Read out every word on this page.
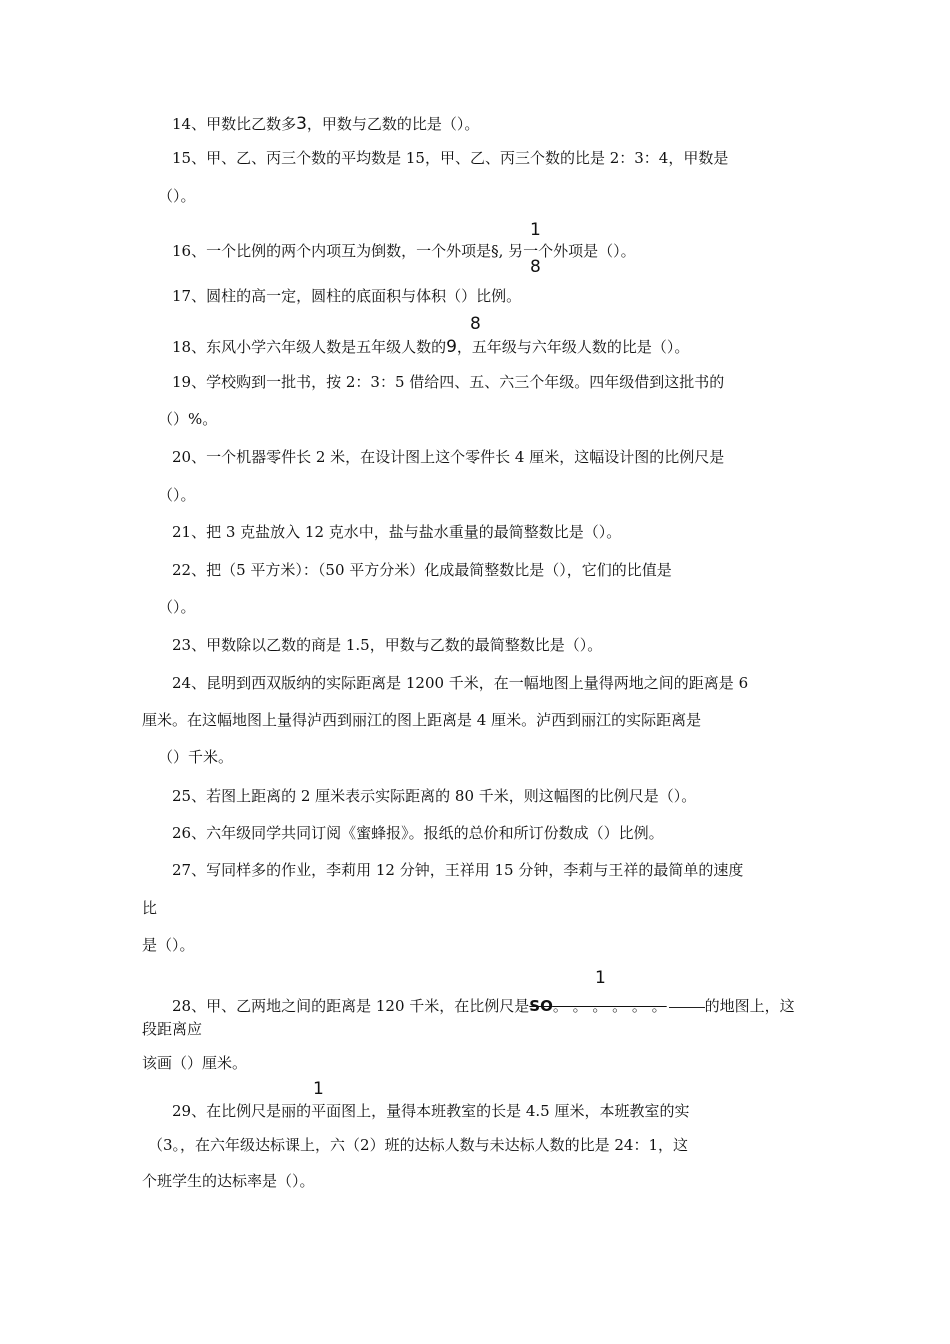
14、甲数比乙数多3，甲数与乙数的比是（）。
15、甲、乙、丙三个数的平均数是 15，甲、乙、丙三个数的比是 2：3：4，甲数是
（）。
1
16、一个比例的两个内项互为倒数，一个外项是§, 另一个外项是（）。
8
17、圆柱的高一定，圆柱的底面积与体积（）比例。
8
18、东风小学六年级人数是五年级人数的9，五年级与六年级人数的比是（）。
19、学校购到一批书，按 2：3：5 借给四、五、六三个年级。四年级借到这批书的
（）%。
20、一个机器零件长 2 米，在设计图上这个零件长 4 厘米，这幅设计图的比例尺是
（）。
21、把 3 克盐放入 12 克水中，盐与盐水重量的最简整数比是（）。
22、把（5 平方米）：（50 平方分米）化成最简整数比是（），它们的比值是
（）。
23、甲数除以乙数的商是 1.5，甲数与乙数的最简整数比是（）。
24、昆明到西双版纳的实际距离是 1200 千米，在一幅地图上量得两地之间的距离是 6
厘米。在这幅地图上量得泸西到丽江的图上距离是 4 厘米。泸西到丽江的实际距离是
（）千米。
25、若图上距离的 2 厘米表示实际距离的 80 千米，则这幅图的比例尺是（）。
26、六年级同学共同订阅《蜜蜂报》。报纸的总价和所订份数成（）比例。
27、写同样多的作业，李莉用 12 分钟，王祥用 15 分钟，李莉与王祥的最简单的速度
比
是（）。
1
28、甲、乙两地之间的距离是 120 千米，在比例尺是SO。 。 。 。 。 。	的地图上，这
段距离应
该画（）厘米。
1
29、在比例尺是丽的平面图上，量得本班教室的长是 4.5 厘米，本班教室的实
（3。，在六年级达标课上，六（2）班的达标人数与未达标人数的比是 24：1，这
个班学生的达标率是（）。
